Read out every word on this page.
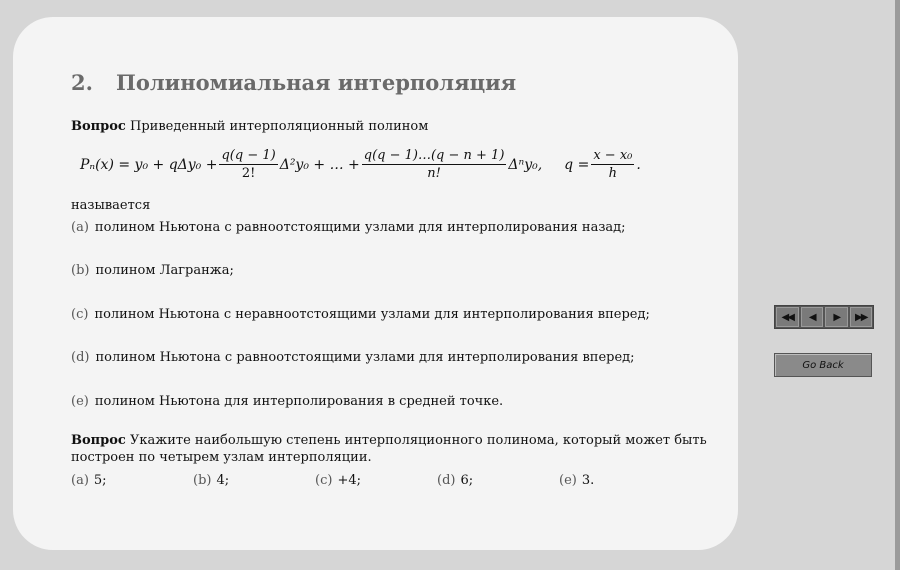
2. Полиномиальная интерполяция
Вопрос Приведенный интерполяционный полином
$P_n(x) = y_0 + q\Delta y_0 + \frac{q(q - 1)}{2!} \Delta^2y_0$ + … + $\frac{q(q - 1)\dots(q - n + 1)}{n!} \Delta^ny_0$, $q = \frac{\text{x − x₀}}{h}$ .
называется
(a) полином Ньютона с равноотстоящими узлами для интерполирования назад;
(b) полином Лагранжа;
(c) полином Ньютона с неравноотстоящими узлами для интерполирования вперед;
(d) полином Ньютона с равноотстоящими узлами для интерполирования вперед;
(e) полином Ньютона для интерполирования в средней точке.
Вопрос Укажите наибольшую степень интерполяционного полинома, который может быть построен по четырем узлам интерполяции.
(a) 5;	(b) 4;	(c) +4;	(d) 6;	(e) 3.
◀◀	◀	▶	▶▶
Go Back
